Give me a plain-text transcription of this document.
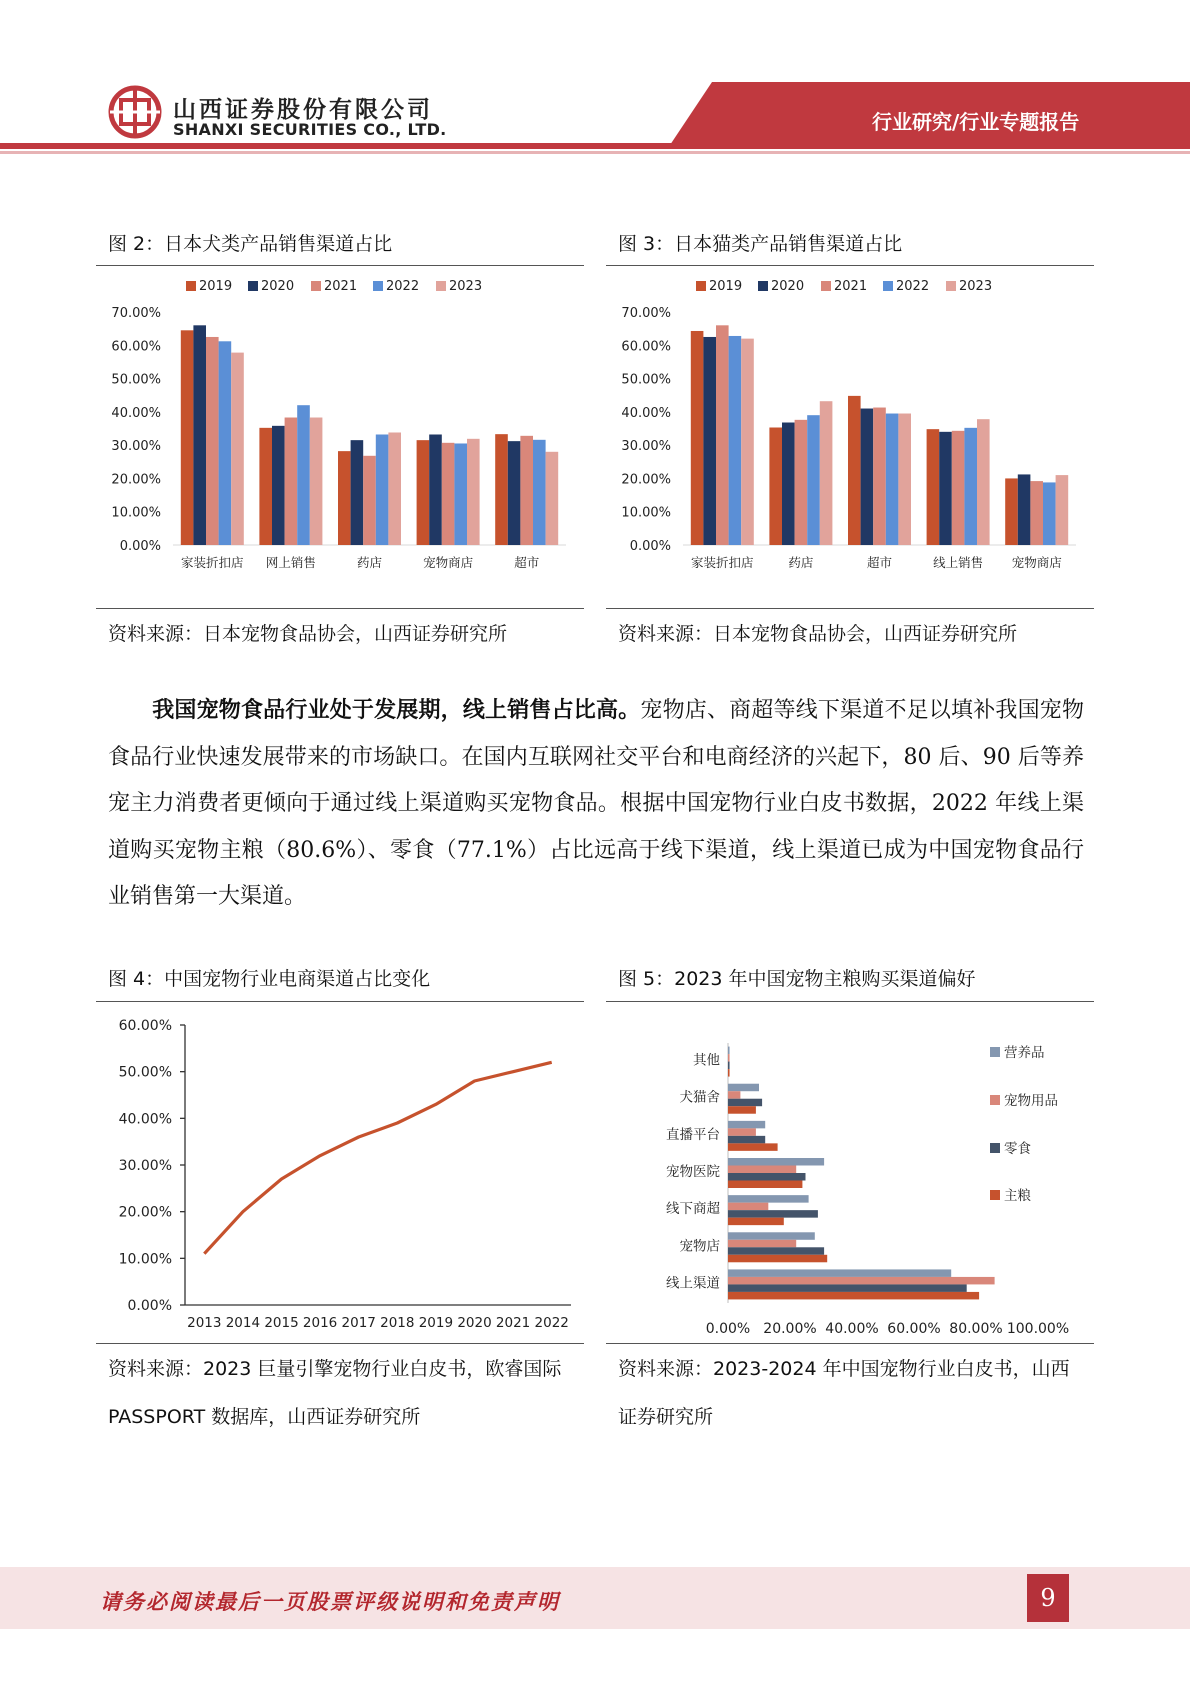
山西证券股份有限公司
SHANXI SECURITIES CO., LTD.	行业研究/行业专题报告
图 2：日本犬类产品销售渠道占比	图 3：日本猫类产品销售渠道占比
2019 2020 2021 2022 2023
0.00%
10.00%
20.00%
30.00%
40.00%
50.00%
60.00%
70.00%
家装折扣店 网上销售	药店	宠物商店	超市
2019 2020 2021 2022 2023
0.00%
10.00%
20.00%
30.00%
40.00%
50.00%
60.00%
70.00%
家装折扣店	药店	超市	线上销售 宠物商店
资料来源：日本宠物食品协会，山西证券研究所	资料来源：日本宠物食品协会，山西证券研究所
我国宠物食品行业处于发展期，线上销售占比高。宠物店、商超等线下渠道不足以填补我国宠物食品行业快速发展带来的市场缺口。在国内互联网社交平台和电商经济的兴起下，80 后、90 后等养宠主力消费者更倾向于通过线上渠道购买宠物食品。根据中国宠物行业白皮书数据，2022 年线上渠道购买宠物主粮（80.6%）、零食（77.1%）占比远高于线下渠道，线上渠道已成为中国宠物食品行业销售第一大渠道。
图 4：中国宠物行业电商渠道占比变化	图 5：2023 年中国宠物主粮购买渠道偏好
0.00%
10.00%
20.00%
30.00%
40.00%
50.00%
60.00%
2013 2014 2015 2016 2017 2018 2019 2020 2021 2022	0.00% 20.00% 40.00% 60.00% 80.00% 100.00%
线上渠道
宠物店
线下商超
宠物医院
直播平台
犬猫舍
其他	营养品
宠物用品
零食
主粮
资料来源：2023 巨量引擎宠物行业白皮书，欧睿国际 PASSPORT 数据库，山西证券研究所
资料来源：2023-2024 年中国宠物行业白皮书，山西证券研究所
请务必阅读最后一页股票评级说明和免责声明	9
